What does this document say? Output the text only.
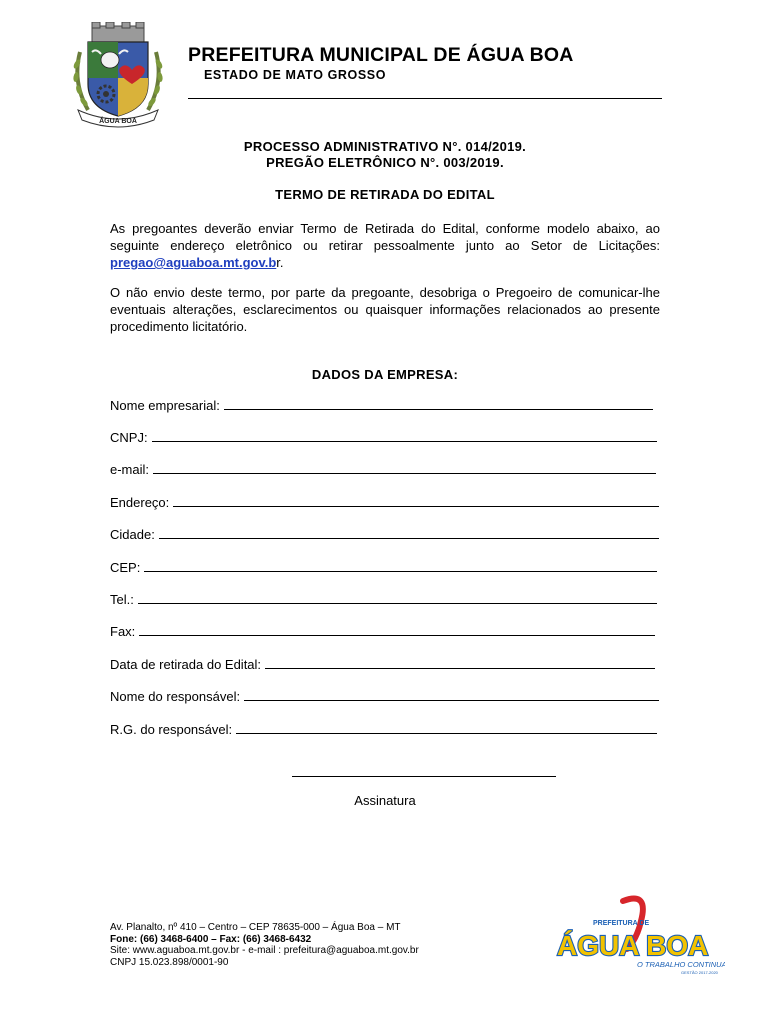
ÁGUA BOA
PREFEITURA MUNICIPAL DE ÁGUA BOA
ESTADO DE MATO GROSSO
PROCESSO ADMINISTRATIVO N°. 014/2019.
PREGÃO ELETRÔNICO N°. 003/2019.
TERMO DE RETIRADA DO EDITAL
As pregoantes deverão enviar Termo de Retirada do Edital, conforme modelo abaixo, ao seguinte endereço eletrônico ou retirar pessoalmente junto ao Setor de Licitações: pregao@aguaboa.mt.gov.br.
O não envio deste termo, por parte da pregoante, desobriga o Pregoeiro de comunicar-lhe eventuais alterações, esclarecimentos ou quaisquer informações relacionados ao presente procedimento licitatório.
DADOS DA EMPRESA:
Nome empresarial:
CNPJ:
e-mail:
Endereço:
Cidade:
CEP:
Tel.:
Fax:
Data de retirada do Edital:
Nome do responsável:
R.G. do responsável:
Assinatura
Av. Planalto, nº 410 – Centro – CEP 78635-000 – Água Boa – MT
Fone: (66) 3468-6400 – Fax: (66) 3468-6432
Site: www.aguaboa.mt.gov.br - e-mail : prefeitura@aguaboa.mt.gov.br
CNPJ 15.023.898/0001-90
PREFEITURA DE
ÁGUA BOA
O TRABALHO CONTINUA!
GESTÃO 2017-2020
